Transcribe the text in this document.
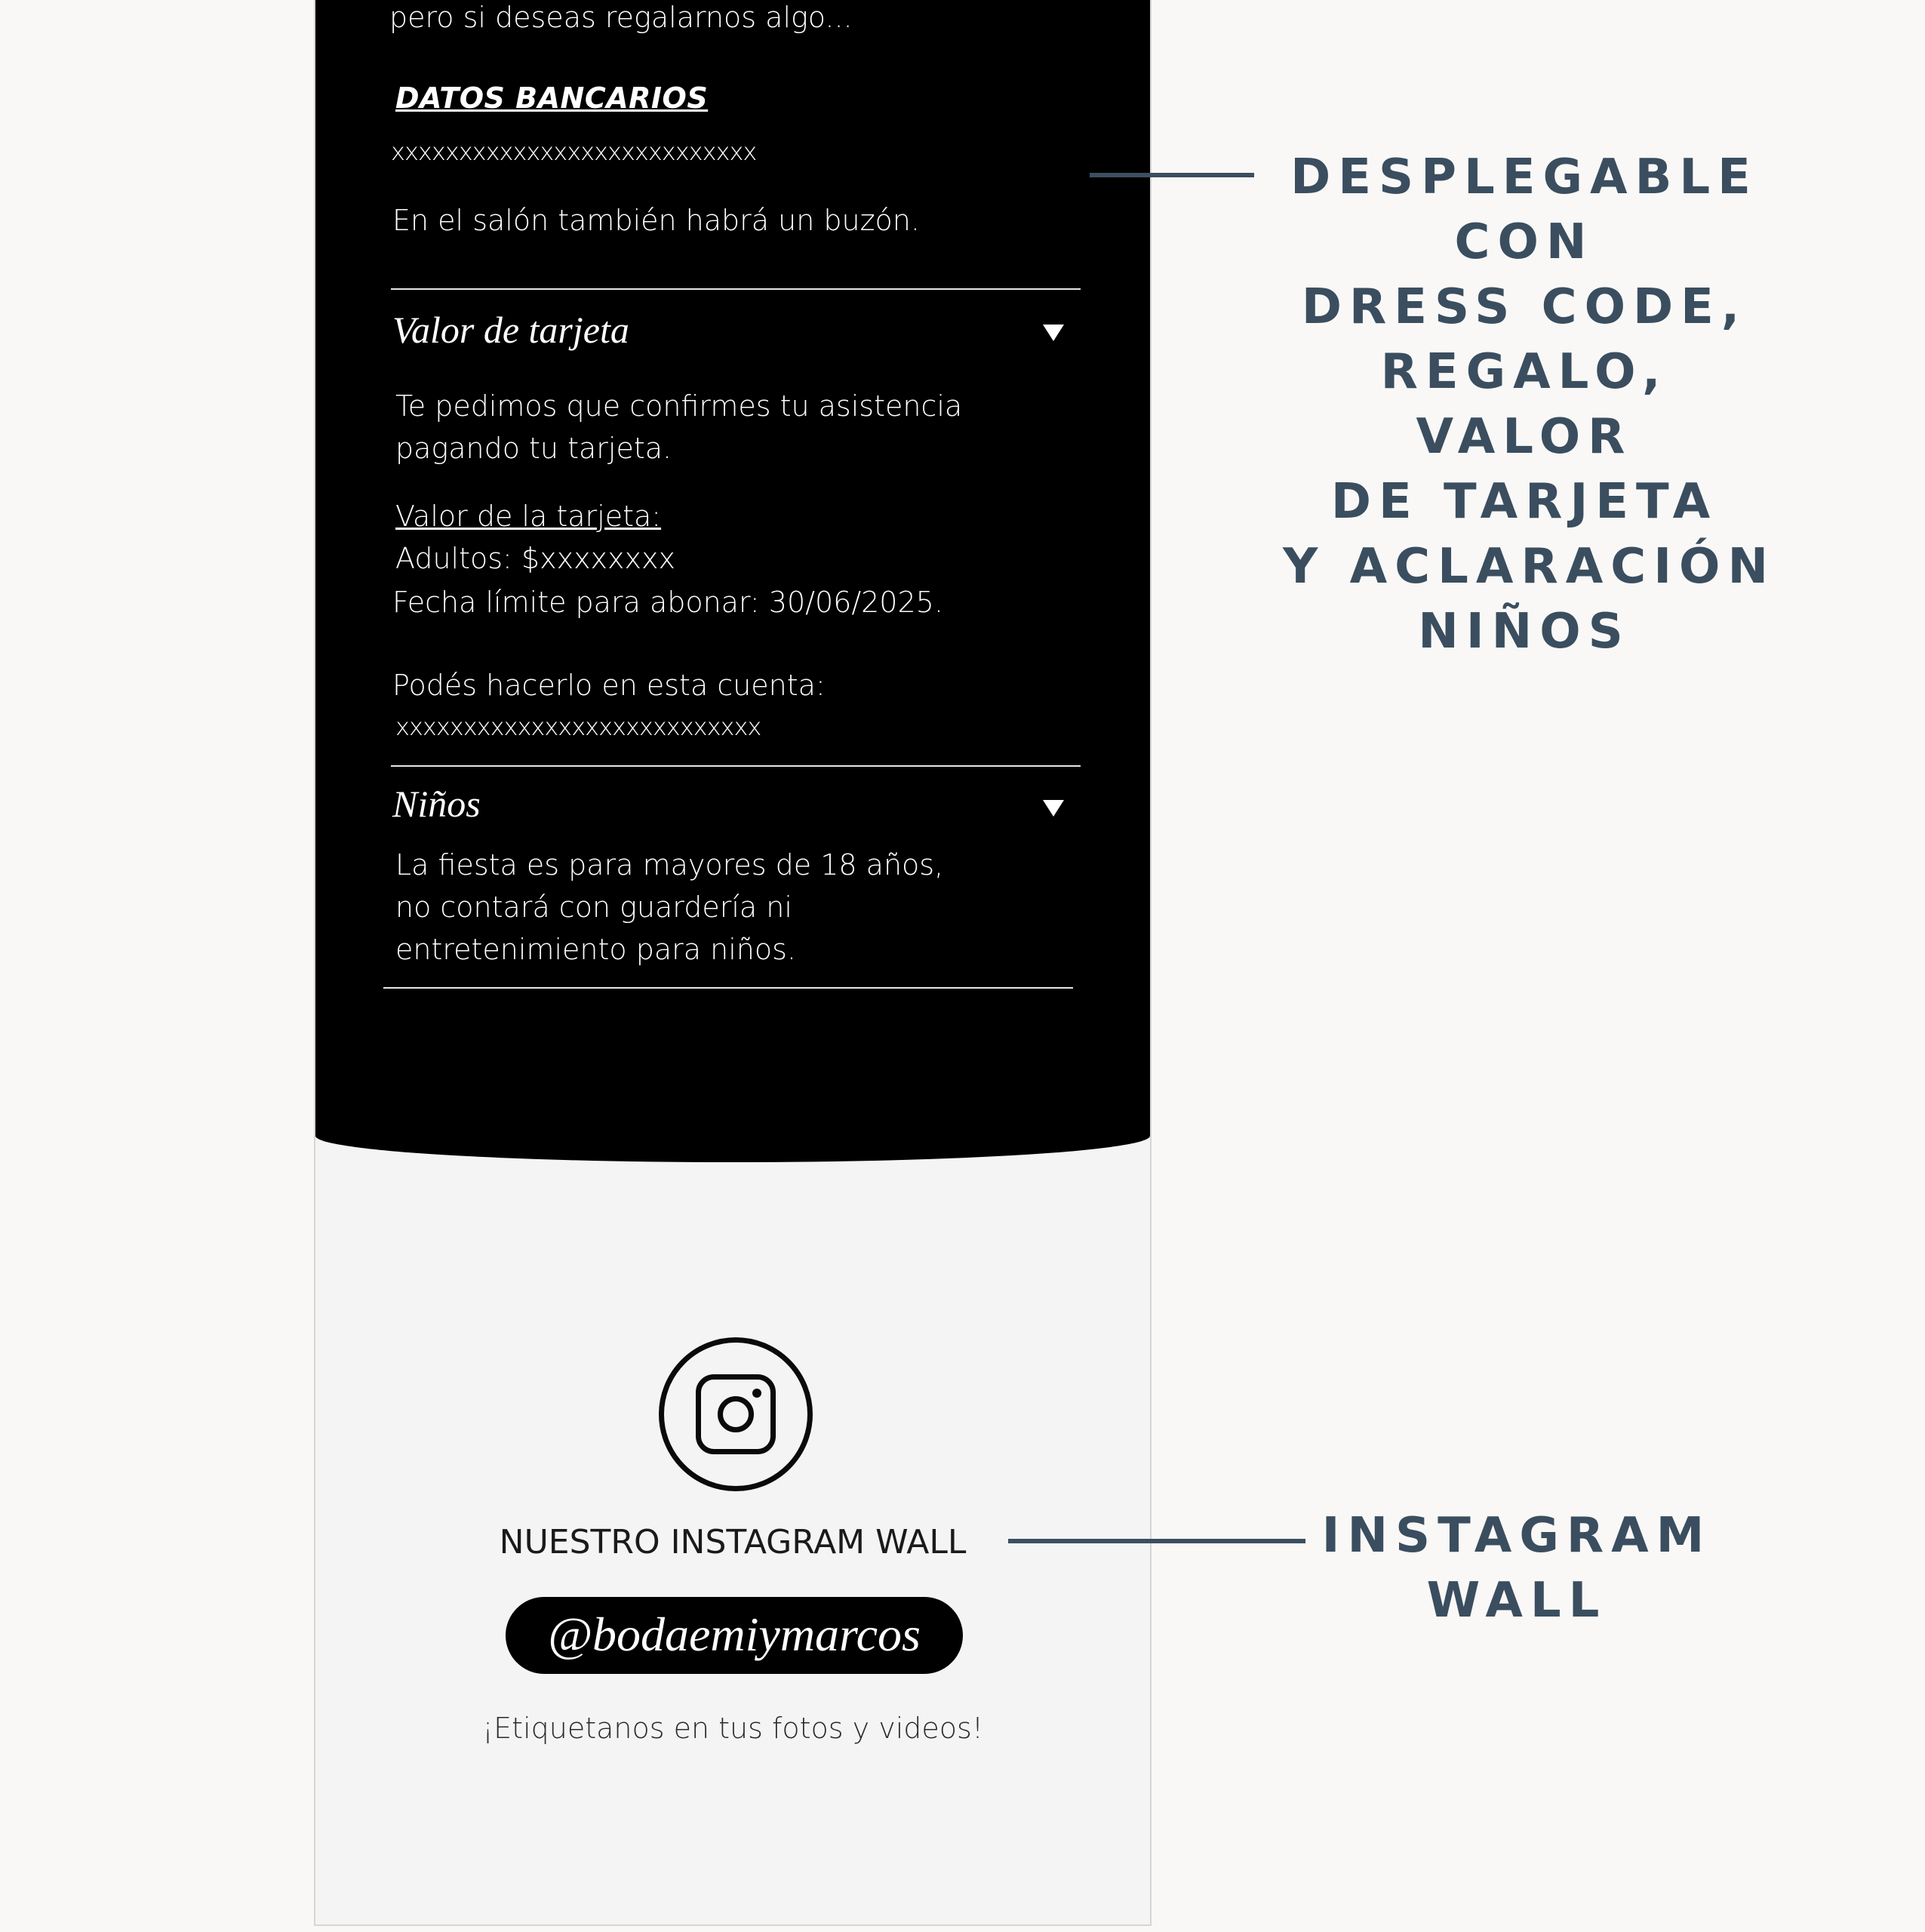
pero si deseas regalarnos algo...
DATOS BANCARIOS
xxxxxxxxxxxxxxxxxxxxxxxxxxx
En el salón también habrá un buzón.
Valor de tarjeta
Te pedimos que confirmes tu asistencia
pagando tu tarjeta.
Valor de la tarjeta:
Adultos: $xxxxxxxx
Fecha límite para abonar: 30/06/2025.
Podés hacerlo en esta cuenta:
xxxxxxxxxxxxxxxxxxxxxxxxxxx
Niños
La fiesta es para mayores de 18 años,
no contará con guardería ni
entretenimiento para niños.
NUESTRO INSTAGRAM WALL
@bodaemiymarcos
¡Etiquetanos en tus fotos y videos!
DESPLEGABLE
CON
DRESS CODE,
REGALO,
VALOR
DE TARJETA
Y ACLARACIÓN
NIÑOS
INSTAGRAM
WALL
